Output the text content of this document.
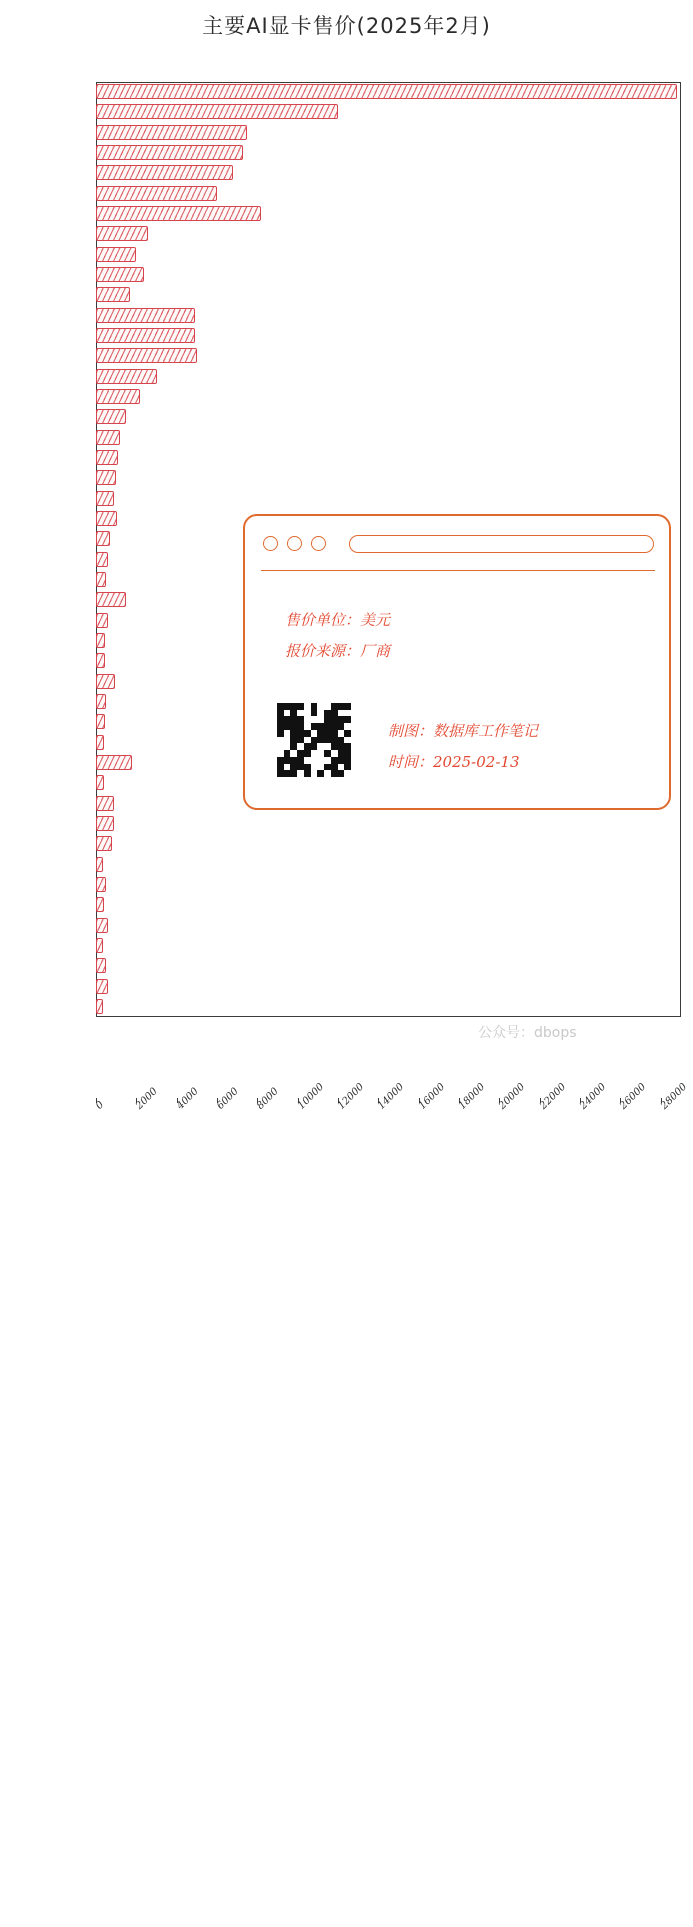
主要AI显卡售价(2025年2月)
0	2000 4000 6000 8000 10000 12000 14000 16000 18000 20000 22000 24000 26000 28000
售价单位：美元
报价来源：厂商
制图：数据库工作笔记
时间：2025-02-13
公众号：dbops
